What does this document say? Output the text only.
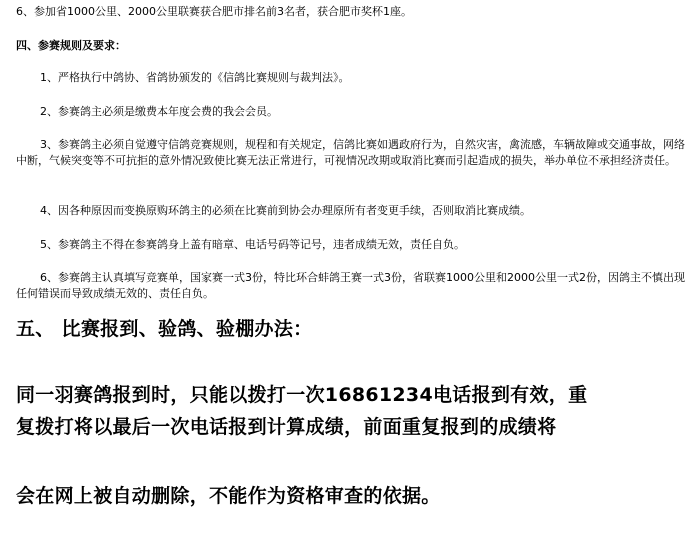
6、参加省1000公里、2000公里联赛获合肥市排名前3名者，获合肥市奖杯1座。
四、参赛规则及要求：
1、严格执行中鸽协、省鸽协颁发的《信鸽比赛规则与裁判法》。
2、参赛鸽主必须是缴费本年度会费的我会会员。
3、参赛鸽主必须自觉遵守信鸽竞赛规则，规程和有关规定，信鸽比赛如遇政府行为，自然灾害，禽流感，车辆故障或交通事故，网络中断，气候突变等不可抗拒的意外情况致使比赛无法正常进行，可视情况改期或取消比赛而引起造成的损失，举办单位不承担经济责任。
4、因各种原因而变换原购环鸽主的必须在比赛前到协会办理原所有者变更手续，否则取消比赛成绩。
5、参赛鸽主不得在参赛鸽身上盖有暗章、电话号码等记号，违者成绩无效，责任自负。
6、参赛鸽主认真填写竞赛单，国家赛一式3份，特比环合蚌鸽王赛一式3份，省联赛1000公里和2000公里一式2份，因鸽主不慎出现任何错误而导致成绩无效的、责任自负。
五、 比赛报到、验鸽、验棚办法：
同一羽赛鸽报到时，只能以拨打一次16861234电话报到有效，重
复拨打将以最后一次电话报到计算成绩，前面重复报到的成绩将
会在网上被自动删除，不能作为资格审查的依据。
